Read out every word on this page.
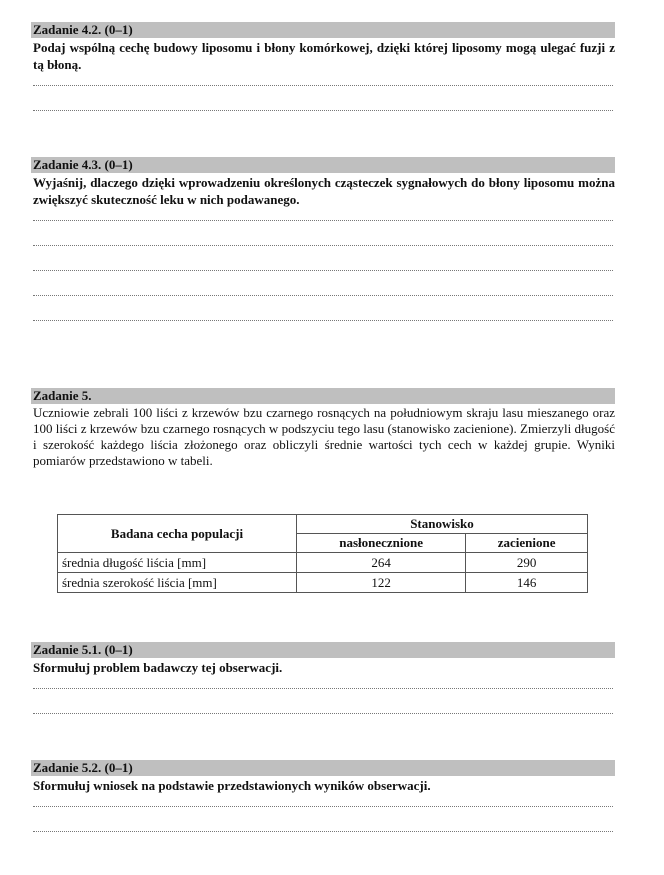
Zadanie 4.2. (0–1)
Podaj wspólną cechę budowy liposomu i błony komórkowej, dzięki której liposomy mogą ulegać fuzji z tą błoną.
Zadanie 4.3. (0–1)
Wyjaśnij, dlaczego dzięki wprowadzeniu określonych cząsteczek sygnałowych do błony liposomu można zwiększyć skuteczność leku w nich podawanego.
Zadanie 5.
Uczniowie zebrali 100 liści z krzewów bzu czarnego rosnących na południowym skraju lasu mieszanego oraz 100 liści z krzewów bzu czarnego rosnących w podszyciu tego lasu (stanowisko zacienione). Zmierzyli długość i szerokość każdego liścia złożonego oraz obliczyli średnie wartości tych cech w każdej grupie. Wyniki pomiarów przedstawiono w tabeli.
Badana cecha populacji	Stanowisko	
	nasłonecznione	zacienione
średnia długość liścia [mm]	264	290
średnia szerokość liścia [mm]	122	146
Zadanie 5.1. (0–1)
Sformułuj problem badawczy tej obserwacji.
Zadanie 5.2. (0–1)
Sformułuj wniosek na podstawie przedstawionych wyników obserwacji.
